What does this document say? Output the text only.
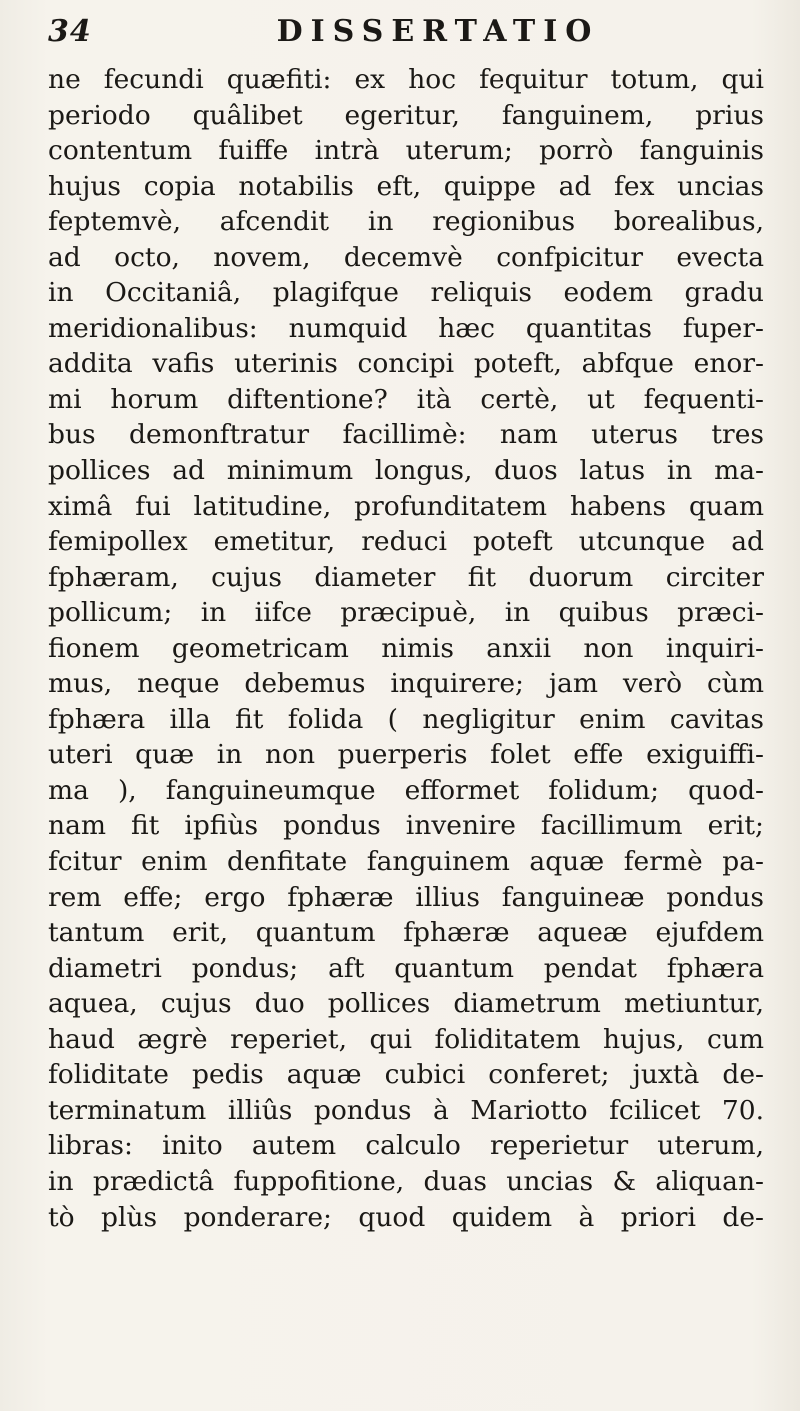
34	DISSERTATIO
ne fecundi quæfiti: ex hoc fequitur totum, qui
periodo quâlibet egeritur, fanguinem, prius
contentum fuiffe intrà uterum; porrò fanguinis
hujus copia notabilis eft, quippe ad fex uncias
feptemvè, afcendit in regionibus borealibus,
ad octo, novem, decemvè confpicitur evecta
in Occitaniâ, plagifque reliquis eodem gradu
meridionalibus: numquid hæc quantitas fuper-
addita vafis uterinis concipi poteft, abfque enor-
mi horum diftentione? ità certè, ut fequenti-
bus demonftratur facillimè: nam uterus tres
pollices ad minimum longus, duos latus in ma-
ximâ fui latitudine, profunditatem habens quam
femipollex emetitur, reduci poteft utcunque ad
fphæram, cujus diameter fit duorum circiter
pollicum; in iifce præcipuè, in quibus præci-
fionem geometricam nimis anxii non inquiri-
mus, neque debemus inquirere; jam verò cùm
fphæra illa fit folida ( negligitur enim cavitas
uteri quæ in non puerperis folet effe exiguiffi-
ma ), fanguineumque efformet folidum; quod-
nam fit ipfiùs pondus invenire facillimum erit;
fcitur enim denfitate fanguinem aquæ fermè pa-
rem effe; ergo fphæræ illius fanguineæ pondus
tantum erit, quantum fphæræ aqueæ ejufdem
diametri pondus; aft quantum pendat fphæra
aquea, cujus duo pollices diametrum metiuntur,
haud ægrè reperiet, qui foliditatem hujus, cum
foliditate pedis aquæ cubici conferet; juxtà de-
terminatum illiûs pondus à Mariotto fcilicet 70.
libras: inito autem calculo reperietur uterum,
in prædictâ fuppofitione, duas uncias & aliquan-
tò plùs ponderare; quod quidem à priori de-
